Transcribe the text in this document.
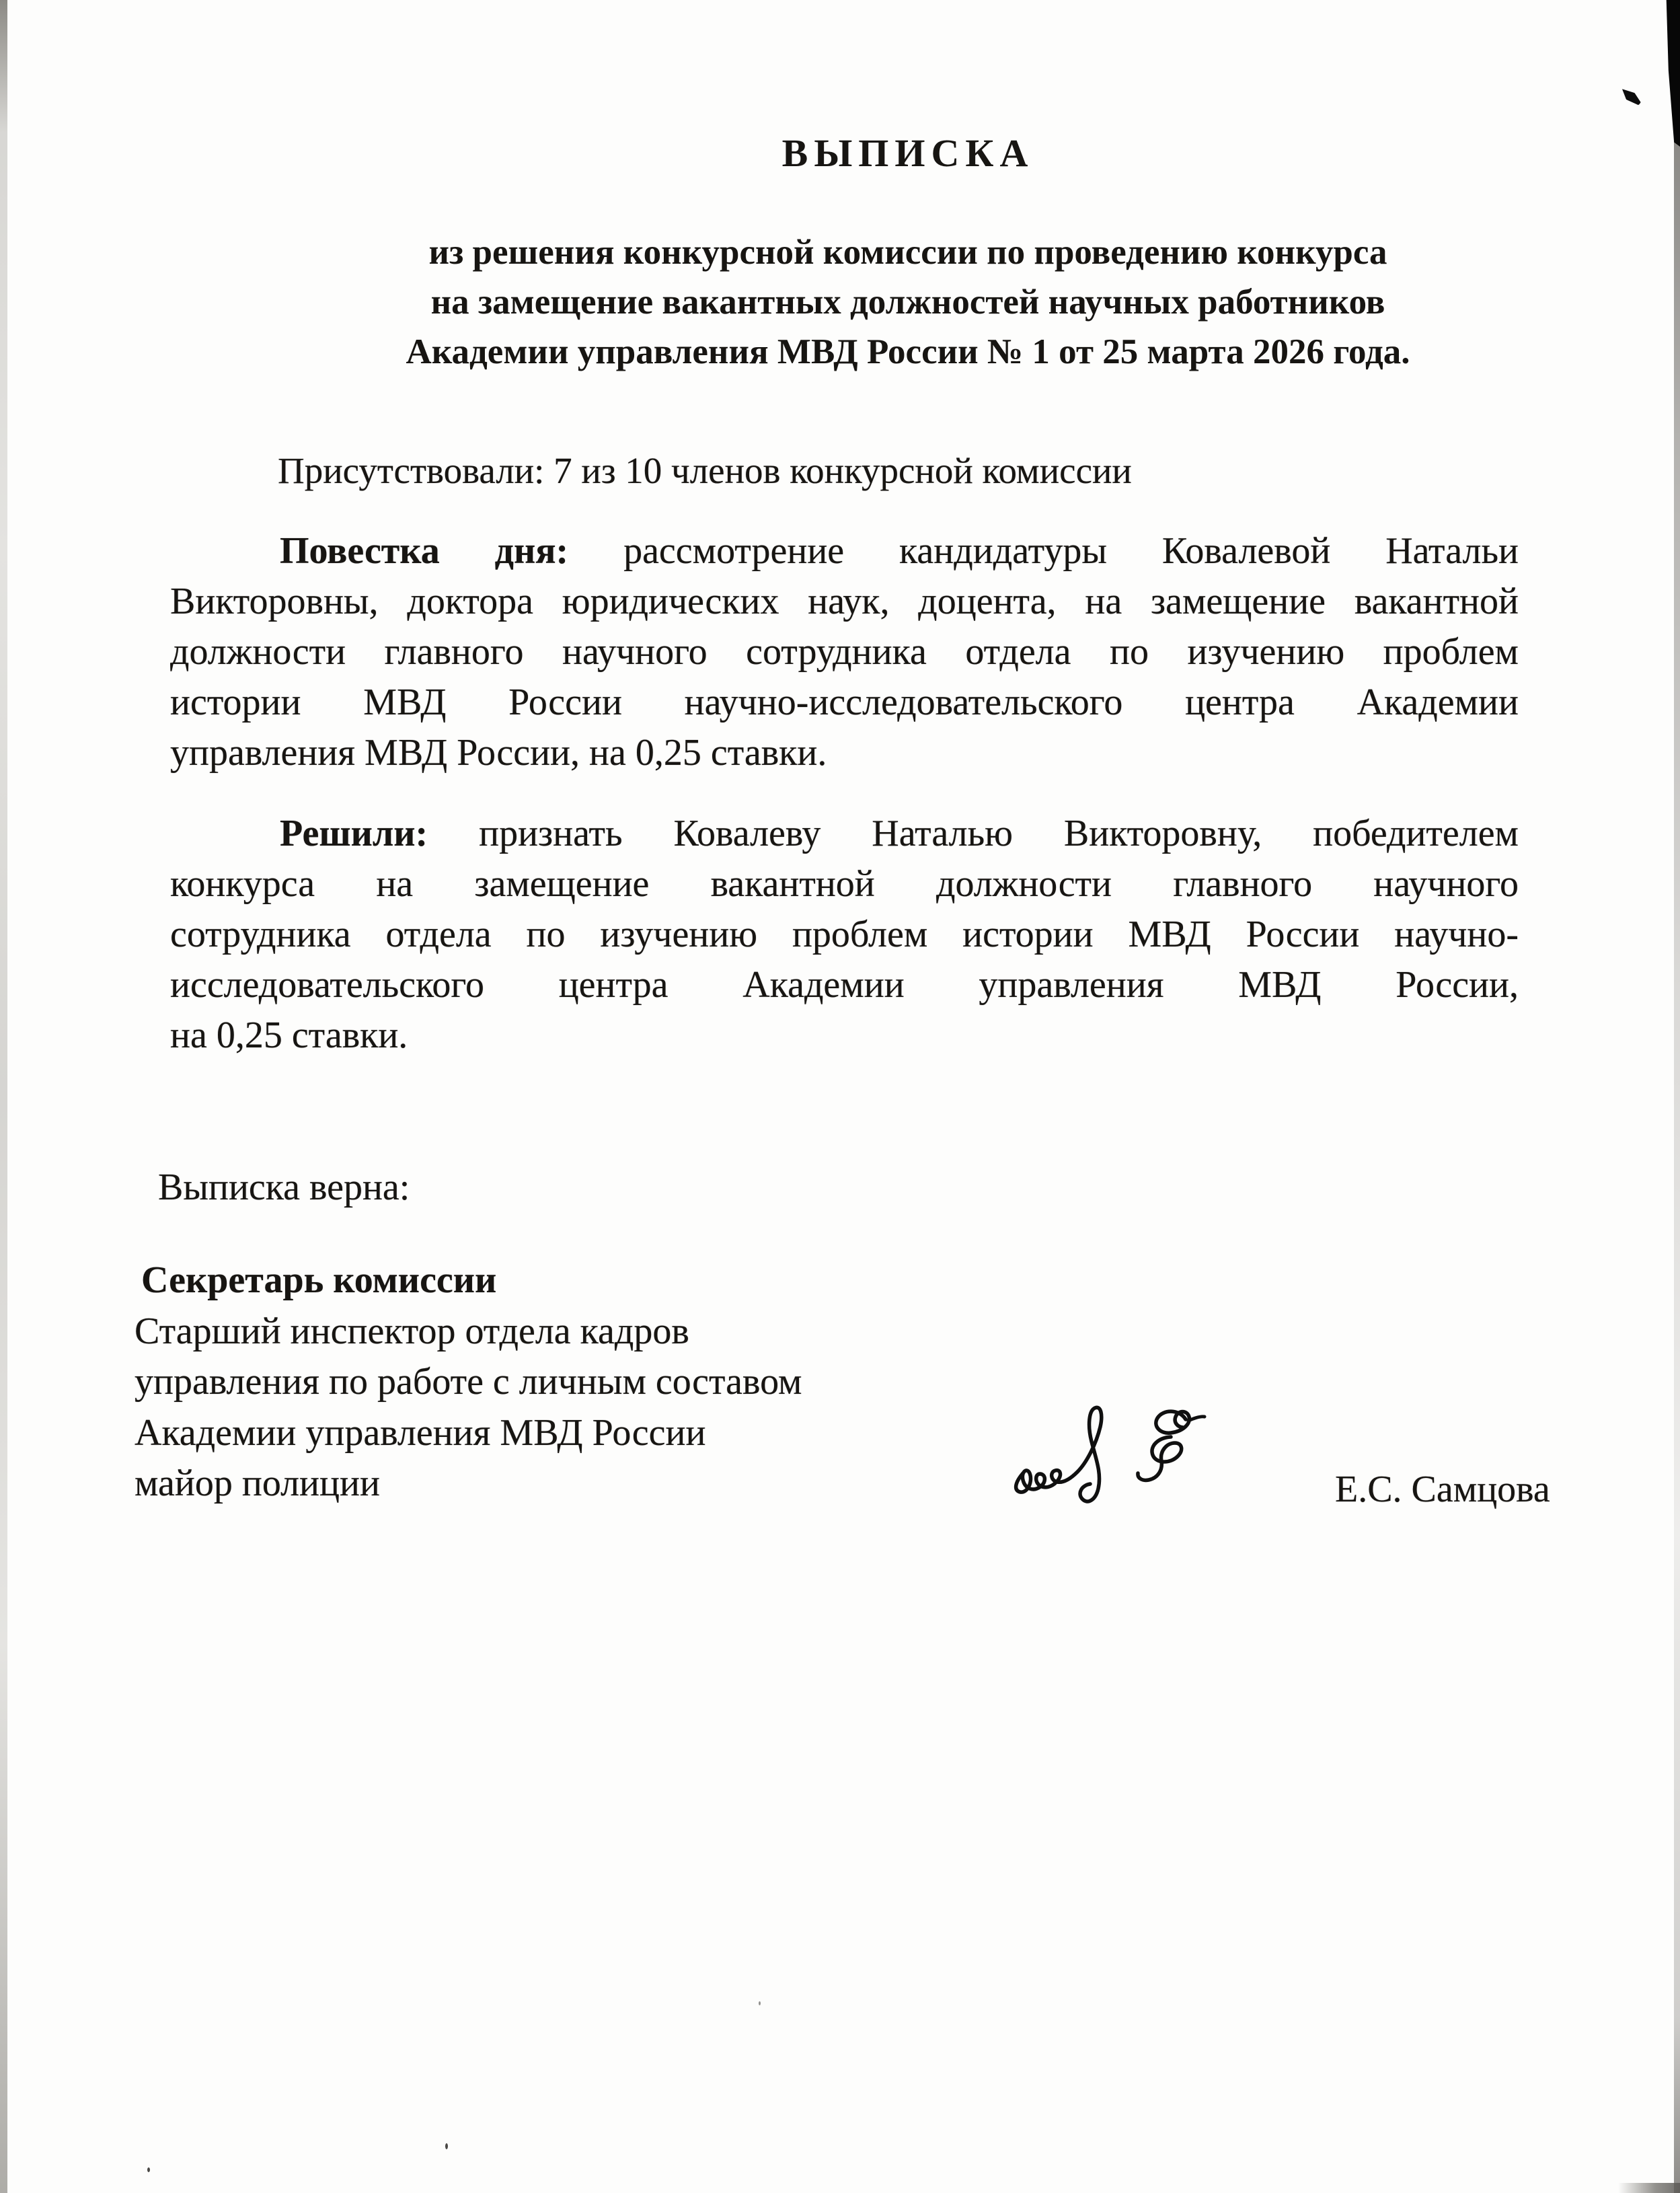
ВЫПИСКА
из решения конкурсной комиссии по проведению конкурса
на замещение вакантных должностей научных работников
Академии управления МВД России № 1 от 25 марта 2026 года.
Присутствовали: 7 из 10 членов конкурсной комиссии
Повестка дня: рассмотрение кандидатуры Ковалевой Натальи
Викторовны, доктора юридических наук, доцента, на замещение вакантной
должности главного научного сотрудника отдела по изучению проблем
истории МВД России научно-исследовательского центра Академии
управления МВД России, на 0,25 ставки.
Решили: признать Ковалеву Наталью Викторовну, победителем
конкурса на замещение вакантной должности главного научного
сотрудника отдела по изучению проблем истории МВД России научно-
исследовательского центра Академии управления МВД России,
на 0,25 ставки.
Выписка верна:
Секретарь комиссии
Старший инспектор отдела кадров
управления по работе с личным составом
Академии управления МВД России
майор полиции	Е.С. Самцова
